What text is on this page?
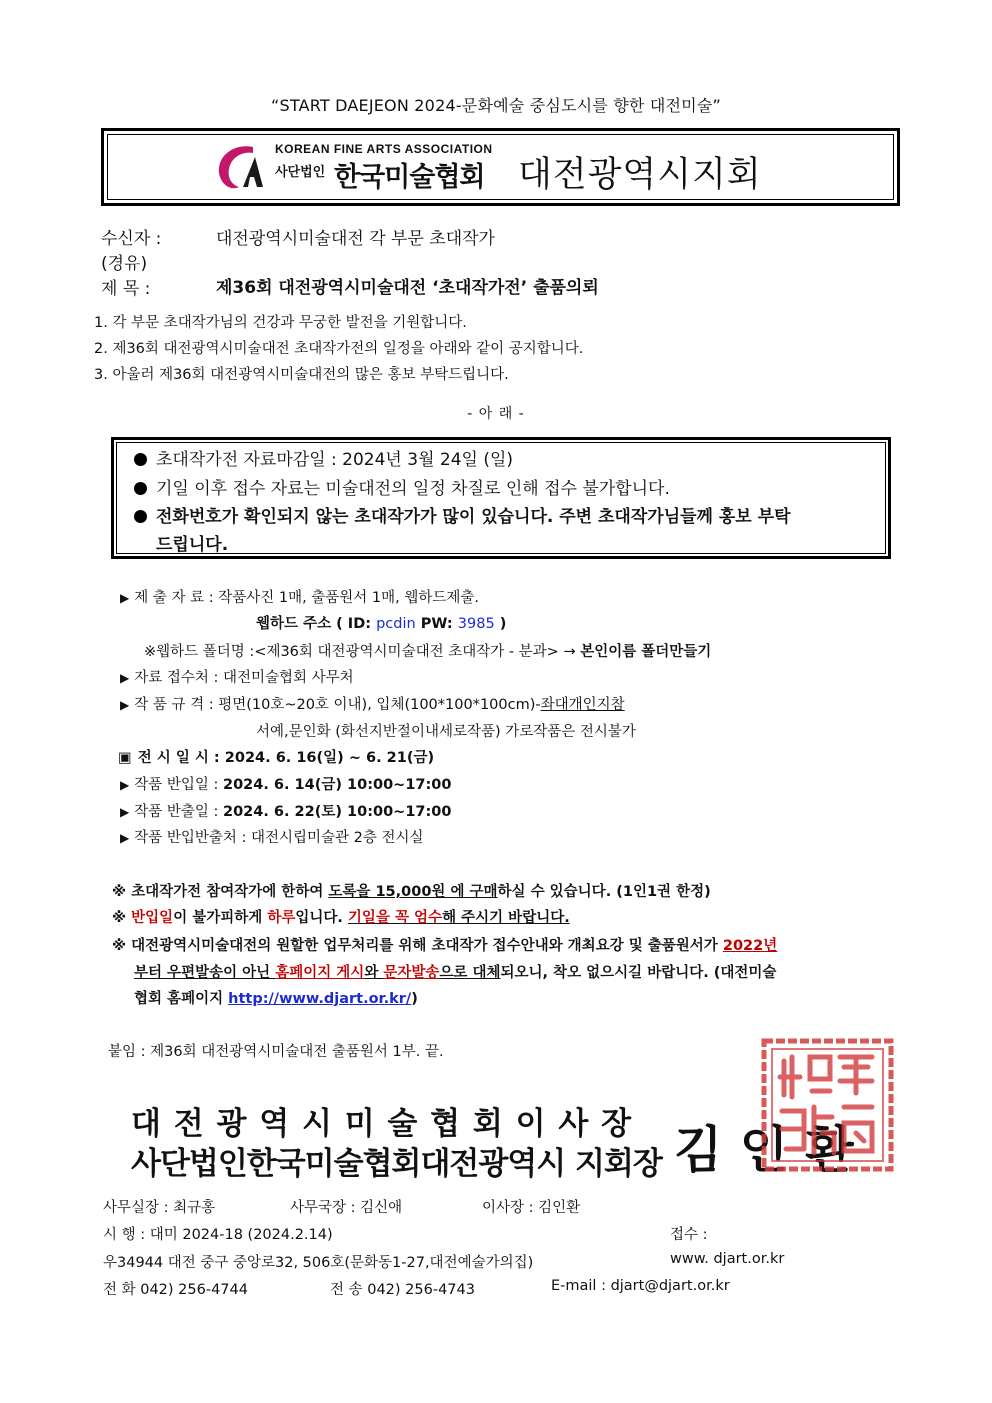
“START DAEJEON 2024-문화예술 중심도시를 향한 대전미술”
KOREAN FINE ARTS ASSOCIATION
사단법인 한국미술협회 대전광역시지회
수신자 :	대전광역시미술대전 각 부문 초대작가
(경유)
제 목 :	제36회 대전광역시미술대전 ‘초대작가전’ 출품의뢰
1. 각 부문 초대작가님의 건강과 무궁한 발전을 기원합니다.
2. 제36회 대전광역시미술대전 초대작가전의 일정을 아래와 같이 공지합니다.
3. 아울러 제36회 대전광역시미술대전의 많은 홍보 부탁드립니다.
- 아 래 -
초대작가전 자료마감일 : 2024년 3월 24일 (일)
기일 이후 접수 자료는 미술대전의 일정 차질로 인해 접수 불가합니다.
전화번호가 확인되지 않는 초대작가가 많이 있습니다. 주변 초대작가님들께 홍보 부탁
드립니다.
▶ 제 출 자 료 : 작품사진 1매, 출품원서 1매, 웹하드제출.
웹하드 주소 ( ID: pcdin PW: 3985 )
※웹하드 폴더명 :<제36회 대전광역시미술대전 초대작가 - 분과> → 본인이름 폴더만들기
▶ 자료 접수처 : 대전미술협회 사무처
▶ 작 품 규 격 : 평면(10호~20호 이내), 입체(100*100*100cm)-좌대개인지참
서예,문인화 (화선지반절이내세로작품) 가로작품은 전시불가
▣ 전 시 일 시 : 2024. 6. 16(일) ~ 6. 21(금)
▶ 작품 반입일 : 2024. 6. 14(금) 10:00~17:00
▶ 작품 반출일 : 2024. 6. 22(토) 10:00~17:00
▶ 작품 반입반출처 : 대전시립미술관 2층 전시실
※ 초대작가전 참여작가에 한하여 도록을 15,000원 에 구매하실 수 있습니다. (1인1권 한정)
※ 반입일이 불가피하게 하루입니다. 기일을 꼭 엄수해 주시기 바랍니다.
※ 대전광역시미술대전의 원할한 업무처리를 위해 초대작가 접수안내와 개최요강 및 출품원서가 2022년
부터 우편발송이 아닌 홈페이지 게시와 문자발송으로 대체되오니, 착오 없으시길 바랍니다. (대전미술
협회 홈페이지 http://www.djart.or.kr/)
붙임 : 제36회 대전광역시미술대전 출품원서 1부. 끝.
대 전 광 역 시 미 술 협 회 이 사 장
사단법인한국미술협회대전광역시 지회장 김 인 환
사무실장 : 최규홍	사무국장 : 김신애	이사장 : 김인환
시 행 : 대미 2024-18 (2024.2.14)	접수 :
우34944 대전 중구 중앙로32, 506호(문화동1-27,대전예술가의집)	www. djart.or.kr
전 화 042) 256-4744	전 송 042) 256-4743	E-mail : djart@djart.or.kr
